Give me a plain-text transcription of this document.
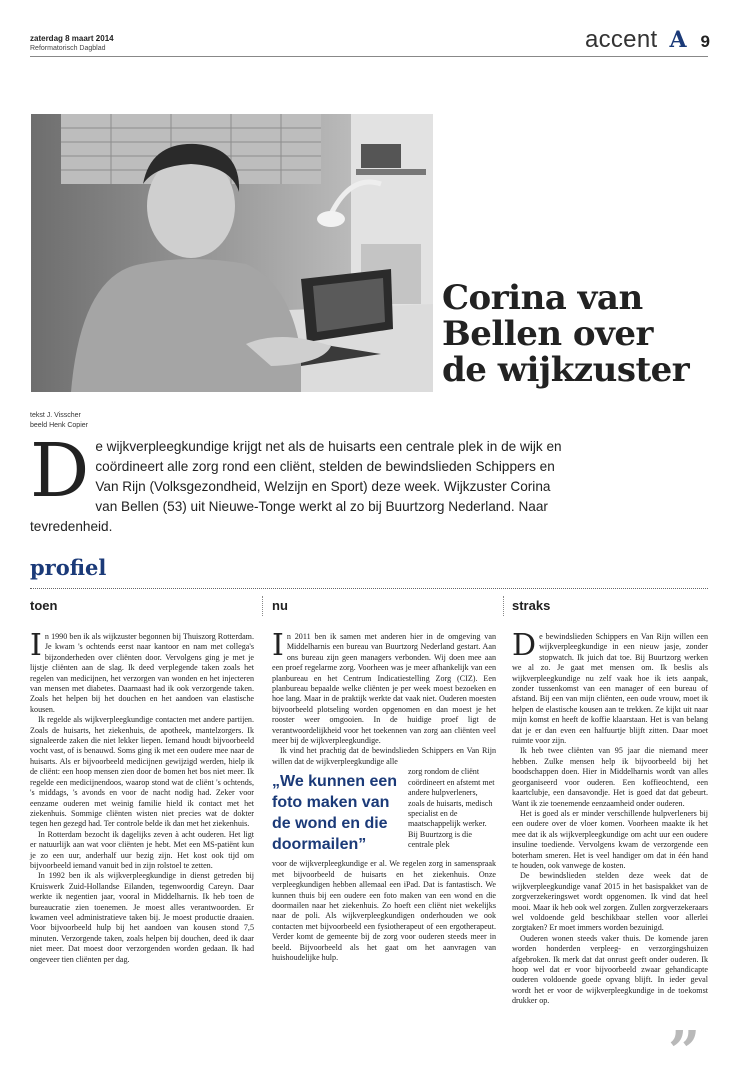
zaterdag 8 maart 2014
Reformatorisch Dagblad	accent A 9
Corina van
Bellen over
de wijkzuster
tekst J. Visscher
beeld Henk Copier
D e wijkverpleegkundige krijgt net als de huisarts een centrale plek in de wijk en coördineert alle zorg rond een cliënt, stelden de bewindslieden Schippers en Van Rijn (Volksgezondheid, Welzijn en Sport) deze week. Wijkzuster Corina van Bellen (53) uit Nieuwe-Tonge werkt al zo bij Buurtzorg Nederland. Naar tevredenheid.
profiel
toen

In 1990 ben ik als wijkzuster begonnen bij Thuiszorg Rotterdam. Je kwam 's ochtends eerst naar kantoor en nam met collega's bijzonderheden over cliënten door. Vervolgens ging je met je lijstje cliënten aan de slag. Ik deed verplegende taken zoals het regelen van medicijnen, het verzorgen van wonden en het injecteren van mensen met diabetes. Daarnaast had ik ook verzorgende taken. Zoals het helpen bij het douchen en het aandoen van elastische kousen.

Ik regelde als wijkverpleegkundige contacten met andere partijen. Zoals de huisarts, het ziekenhuis, de apotheek, mantelzorgers. Ik signaleerde zaken die niet lekker liepen. Iemand houdt bijvoorbeeld vocht vast, of is benauwd. Soms ging ik met een oudere mee naar de huisarts. Als er bijvoorbeeld medicijnen gewijzigd werden, hielp ik de cliënt: een hoop mensen zien door de bomen het bos niet meer. Ik regelde een medicijnendoos, waarop stond wat de cliënt 's ochtends, 's middags, 's avonds en voor de nacht nodig had. Zeker voor eenzame ouderen met weinig familie hield ik contact met het ziekenhuis. Sommige cliënten wisten niet precies wat de dokter tegen hen gezegd had. Ter controle belde ik dan met het ziekenhuis.

In Rotterdam bezocht ik dagelijks zeven à acht ouderen. Het ligt er natuurlijk aan wat voor cliënten je hebt. Met een MS-patiënt kun je zo een uur, anderhalf uur bezig zijn. Het kost ook tijd om bijvoorbeeld iemand vanuit bed in zijn rolstoel te zetten.

In 1992 ben ik als wijkverpleegkundige in dienst getreden bij Kruiswerk Zuid-Hollandse Eilanden, tegenwoordig Careyn. Daar werkte ik negentien jaar, vooral in Middelharnis. Ik heb toen de bureaucratie zien toenemen. Je moest alles verantwoorden. Er kwamen veel administratieve taken bij. Je moest productie draaien. Voor bijvoorbeeld hulp bij het aandoen van kousen stond 7,5 minuten. Verzorgende taken, zoals helpen bij douchen, deed ik daar niet meer. Dat moest door verzorgenden worden gedaan. Ik had ongeveer tien cliënten per dag.

nu

In 2011 ben ik samen met anderen hier in de omgeving van Middelharnis een bureau van Buurtzorg Nederland gestart. Aan ons bureau zijn geen managers verbonden. Wij doen mee aan een proef regelarme zorg. Voorheen was je meer afhankelijk van een planbureau en het Centrum Indicatiestelling Zorg (CIZ). Een planbureau bepaalde welke cliënten je per week moest bezoeken en hoe lang. Maar in de praktijk werkte dat vaak niet. Ouderen moesten bijvoorbeeld plotseling worden opgenomen en dan moest je het rooster weer omgooien. In de huidige proef ligt de verantwoordelijkheid voor het toekennen van zorg aan cliënten veel meer bij de wijkverpleegkundige.

Ik vind het prachtig dat de bewindslieden Schippers en Van Rijn willen dat de wijkverpleegkundige alle

„We kunnen een foto maken van de wond en die doormailen”

zorg rondom de cliënt coördineert en afstemt met andere hulpverleners, zoals de huisarts, medisch specialist en de maatschappelijk werker. Bij Buurtzorg is die centrale plek

voor de wijkverpleegkundige er al. We regelen zorg in samenspraak met bijvoorbeeld de huisarts en het ziekenhuis. Onze verpleegkundigen hebben allemaal een iPad. Dat is fantastisch. We kunnen thuis bij een oudere een foto maken van een wond en die doormailen naar het ziekenhuis. Zo hoeft een cliënt niet wekelijks naar de poli. Als wijkverpleegkundigen onderhouden we ook contacten met bijvoorbeeld een fysiotherapeut of een ergotherapeut. Verder komt de gemeente bij de zorg voor ouderen steeds meer in beeld. Bijvoorbeeld als het gaat om het aanvragen van huishoudelijke hulp.

straks

De bewindslieden Schippers en Van Rijn willen een wijkverpleegkundige in een nieuw jasje, zonder stopwatch. Ik juich dat toe. Bij Buurtzorg werken we al zo. Je gaat met mensen om. Ik beslis als wijkverpleegkundige nu zelf vaak hoe ik iets aanpak, zonder tussenkomst van een manager of een bureau of afstand. Bij een van mijn cliënten, een oude vrouw, moet ik helpen de elastische kousen aan te trekken. Ze kijkt uit naar mijn komst en heeft de koffie klaarstaan. Het is van belang dat je er dan even een halfuurtje blijft zitten. Daar moet ruimte voor zijn.

Ik heb twee cliënten van 95 jaar die niemand meer hebben. Zulke mensen help ik bijvoorbeeld bij het boodschappen doen. Hier in Middelharnis wordt van alles georganiseerd voor ouderen. Een koffieochtend, een kaartclubje, een dansavondje. Het is goed dat dat gebeurt. Want ik zie toenemende eenzaamheid onder ouderen.

Het is goed als er minder verschillende hulpverleners bij een oudere over de vloer komen. Voorheen maakte ik het mee dat ik als wijkverpleegkundige om acht uur een oudere insuline toediende. Vervolgens kwam de verzorgende een boterham smeren. Het is veel handiger om dat in één hand te houden, ook vanwege de kosten.

De bewindslieden stelden deze week dat de wijkverpleegkundige vanaf 2015 in het basispakket van de zorgverzekeringswet wordt opgenomen. Ik vind dat heel mooi. Maar ik heb ook wel zorgen. Zullen zorgverzekeraars wel voldoende geld beschikbaar stellen voor allerlei zorgtaken? Er moet immers worden bezuinigd.

Ouderen wonen steeds vaker thuis. De komende jaren worden honderden verpleeg- en verzorgingshuizen afgebroken. Ik merk dat dat onrust geeft onder ouderen. Ik hoop wel dat er voor bijvoorbeeld zwaar gehandicapte ouderen voldoende goede opvang blijft. In ieder geval wordt het er voor de wijkverpleegkundige in de toekomst drukker op.

”
